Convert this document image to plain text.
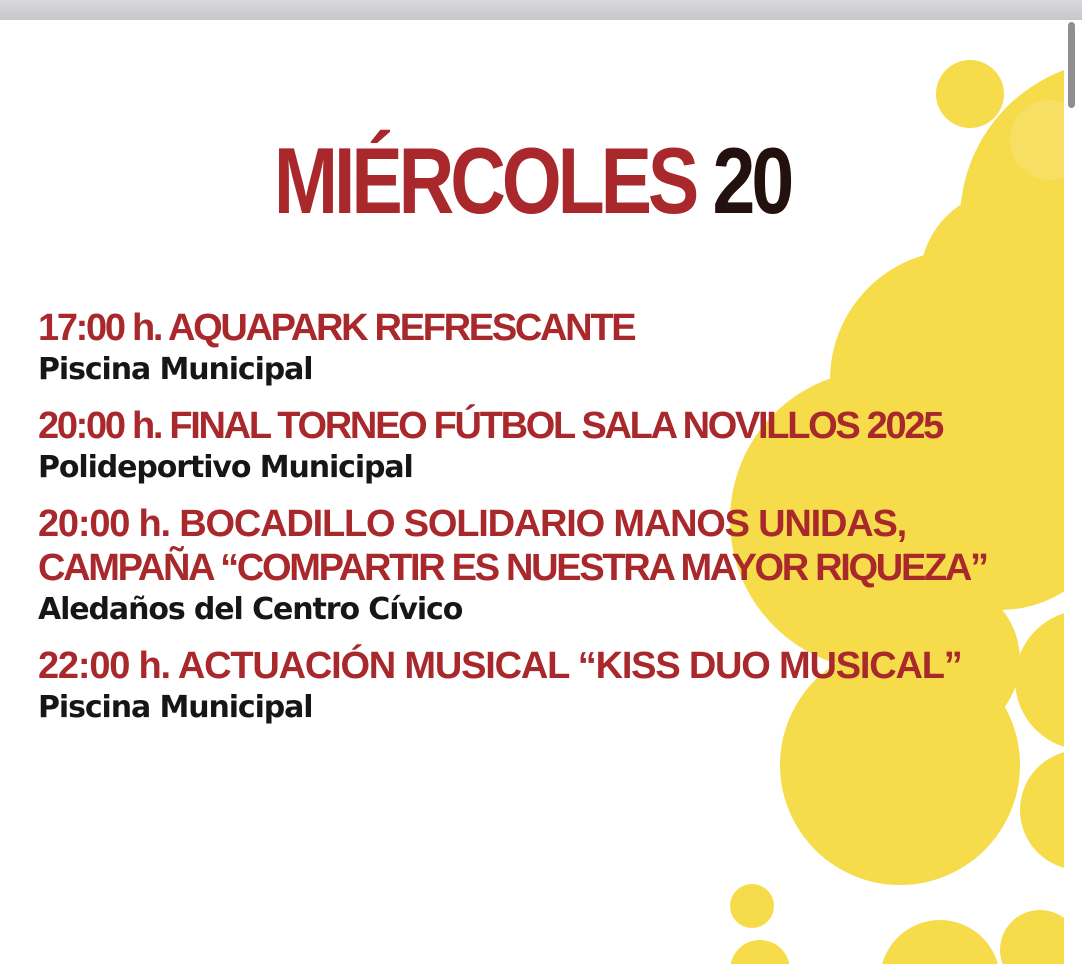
MIÉRCOLES 20
17:00 h. AQUAPARK REFRESCANTE
Piscina Municipal
20:00 h. FINAL TORNEO FÚTBOL SALA NOVILLOS 2025
Polideportivo Municipal
20:00 h. BOCADILLO SOLIDARIO MANOS UNIDAS,
CAMPAÑA “COMPARTIR ES NUESTRA MAYOR RIQUEZA”
Aledaños del Centro Cívico
22:00 h. ACTUACIÓN MUSICAL “KISS DUO MUSICAL”
Piscina Municipal
